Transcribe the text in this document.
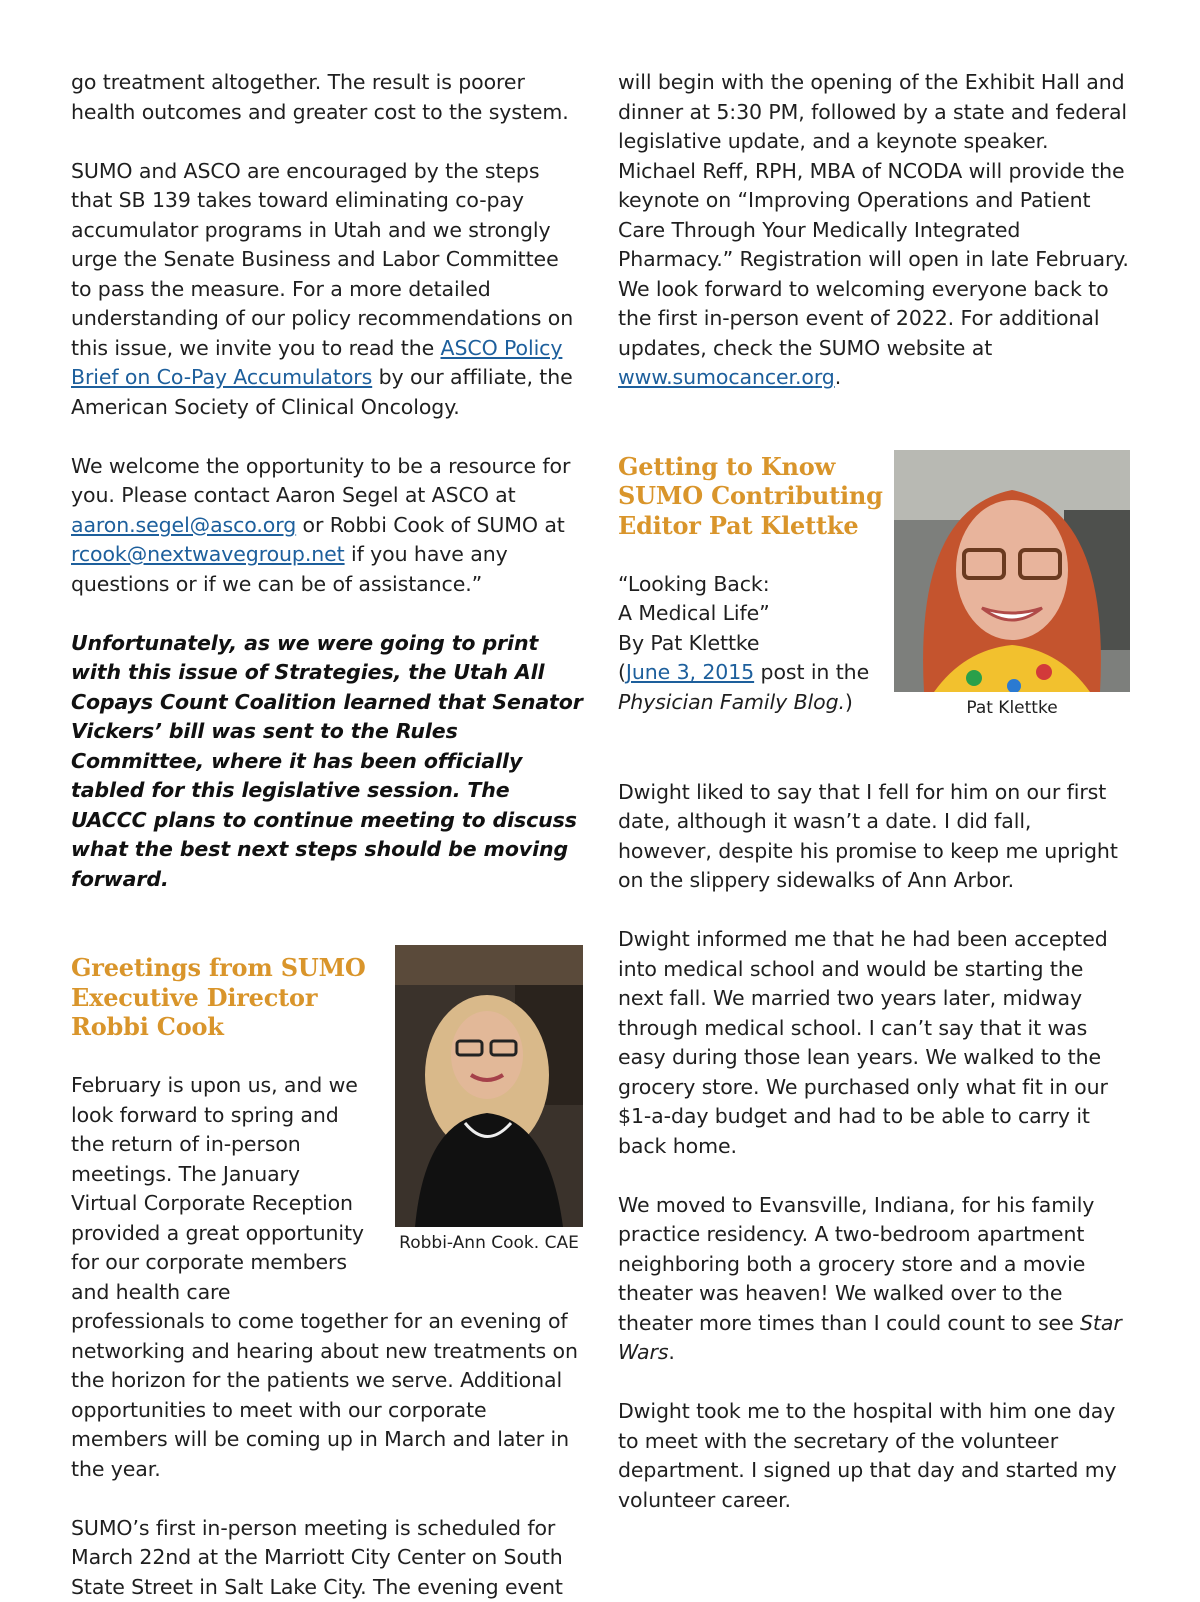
go treatment altogether. The result is poorer health outcomes and greater cost to the system.

SUMO and ASCO are encouraged by the steps that SB 139 takes toward eliminating co-pay accumulator programs in Utah and we strongly urge the Senate Business and Labor Committee to pass the measure. For a more detailed understanding of our policy recommendations on this issue, we invite you to read the ASCO Policy Brief on Co-Pay Accumulators by our affiliate, the American Society of Clinical Oncology.

We welcome the opportunity to be a resource for you. Please contact Aaron Segel at ASCO at aaron.segel@asco.org or Robbi Cook of SUMO at rcook@nextwavegroup.net if you have any questions or if we can be of assistance.”

Unfortunately, as we were going to print with this issue of Strategies, the Utah All Copays Count Coalition learned that Senator Vickers’ bill was sent to the Rules Committee, where it has been officially tabled for this legislative session. The UACCC plans to continue meeting to discuss what the best next steps should be moving forward.

Robbi-Ann Cook. CAE
Greetings from SUMO
Executive Director
Robbi Cook

February is upon us, and we look forward to spring and the return of in-person meetings. The January Virtual Corporate Reception provided a great opportunity for our corporate members and health care

professionals to come together for an evening of networking and hearing about new treatments on the horizon for the patients we serve. Additional opportunities to meet with our corporate members will be coming up in March and later in the year.

SUMO’s first in-person meeting is scheduled for March 22nd at the Marriott City Center on South State Street in Salt Lake City. The evening event

will begin with the opening of the Exhibit Hall and dinner at 5:30 PM, followed by a state and federal legislative update, and a keynote speaker. Michael Reff, RPH, MBA of NCODA will provide the keynote on “Improving Operations and Patient Care Through Your Medically Integrated Pharmacy.” Registration will open in late February. We look forward to welcoming everyone back to the first in-person event of 2022. For additional updates, check the SUMO website at www.sumocancer.org.

Pat Klettke
Getting to Know
SUMO Contributing
Editor Pat Klettke

“Looking Back:
A Medical Life”
By Pat Klettke
(June 3, 2015 post in the
Physician Family Blog.)

Dwight liked to say that I fell for him on our first date, although it wasn’t a date. I did fall, however, despite his promise to keep me upright on the slippery sidewalks of Ann Arbor.

Dwight informed me that he had been accepted into medical school and would be starting the next fall. We married two years later, midway through medical school. I can’t say that it was easy during those lean years. We walked to the grocery store. We purchased only what fit in our $1-a-day budget and had to be able to carry it back home.

We moved to Evansville, Indiana, for his family practice residency. A two-bedroom apartment neighboring both a grocery store and a movie theater was heaven! We walked over to the theater more times than I could count to see Star Wars.

Dwight took me to the hospital with him one day to meet with the secretary of the volunteer department. I signed up that day and started my volunteer career.
